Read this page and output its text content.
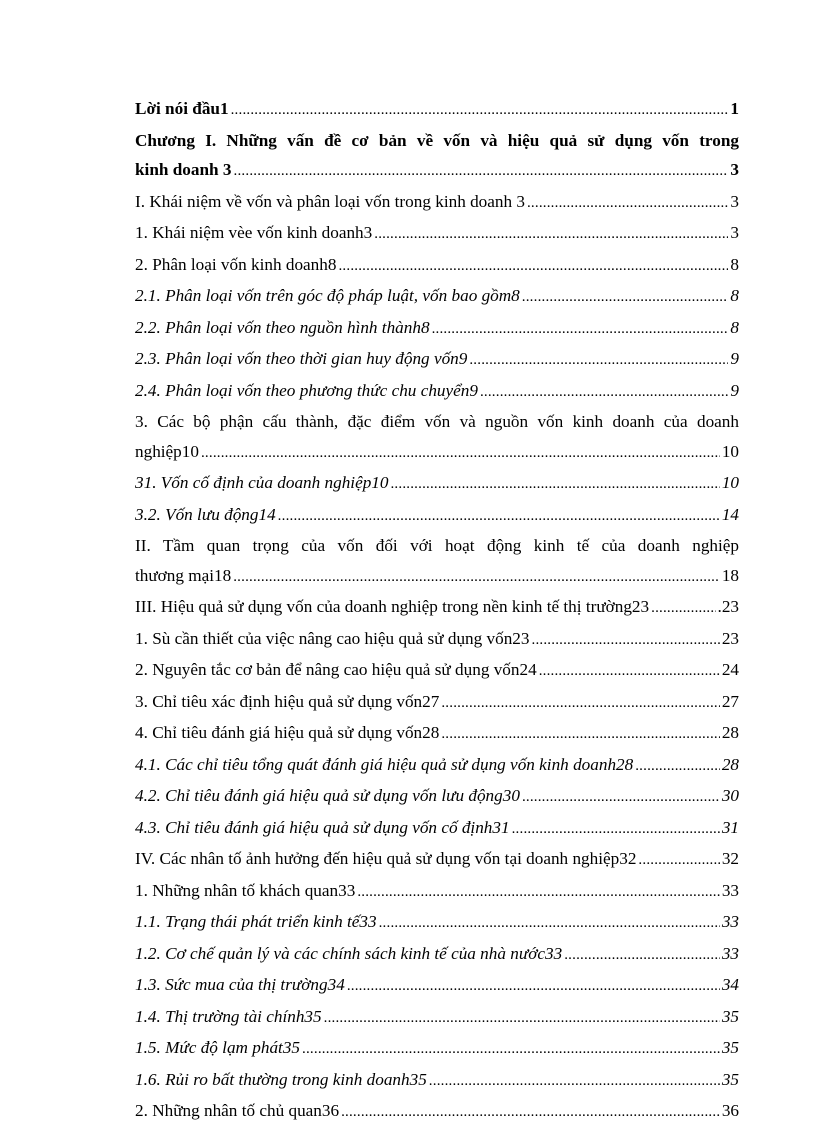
Lời nói đầu1 .....	1
Chương I. Những vấn đề cơ bản về vốn và hiệu quả sử dụng vốn trong
kinh doanh 3 .....	3
I. Khái niệm về vốn và phân loại vốn trong kinh doanh 3 .....	3
1. Khái niệm vèe vốn kinh doanh3 .....	3
2. Phân loại vốn kinh doanh8 .....	8
2.1. Phân loại vốn trên góc độ pháp luật, vốn bao gồm8 .....	8
2.2. Phân loại vốn theo nguồn hình thành8 .....	8
2.3. Phân loại vốn theo thời gian huy động vốn9 .....	9
2.4. Phân loại vốn theo phương thức chu chuyển9 .....	9
3. Các bộ phận cấu thành, đặc điểm vốn và nguồn vốn kinh doanh của doanh
nghiệp10 .....	10
31. Vốn cố định của doanh nghiệp10 .....	10
3.2. Vốn lưu động14 .....	14
II. Tầm quan trọng của vốn đối với hoạt động kinh tế của doanh nghiệp
thương mại18 .....	18
III. Hiệu quả sử dụng vốn của doanh nghiệp trong nền kinh tế thị trường23 .....	.23
1. Sù cần thiết của việc nâng cao hiệu quả sử dụng vốn23 .....	23
2. Nguyên tắc cơ bản để nâng cao hiệu quả sử dụng vốn24 .....	24
3. Chỉ tiêu xác định hiệu quả sử dụng vốn27 .....	27
4. Chỉ tiêu đánh giá hiệu quả sử dụng vốn28 .....	28
4.1. Các chỉ tiêu tổng quát đánh giá hiệu quả sử dụng vốn kinh doanh28 .....	28
4.2. Chỉ tiêu đánh giá hiệu quả sử dụng vốn lưu động30 .....	30
4.3. Chỉ tiêu đánh giá hiệu quả sử dụng vốn cố định31 .....	31
IV. Các nhân tố ảnh hưởng đến hiệu quả sử dụng vốn tại doanh nghiệp32 .....	32
1. Những nhân tố khách quan33 .....	33
1.1. Trạng thái phát triển kinh tế33 .....	33
1.2. Cơ chế quản lý và các chính sách kinh tế của nhà nước33 .....	33
1.3. Sức mua của thị trường34 .....	34
1.4. Thị trường tài chính35 .....	35
1.5. Mức độ lạm phát35 .....	35
1.6. Rủi ro bất thường trong kinh doanh35 .....	35
2. Những nhân tố chủ quan36 .....	36
